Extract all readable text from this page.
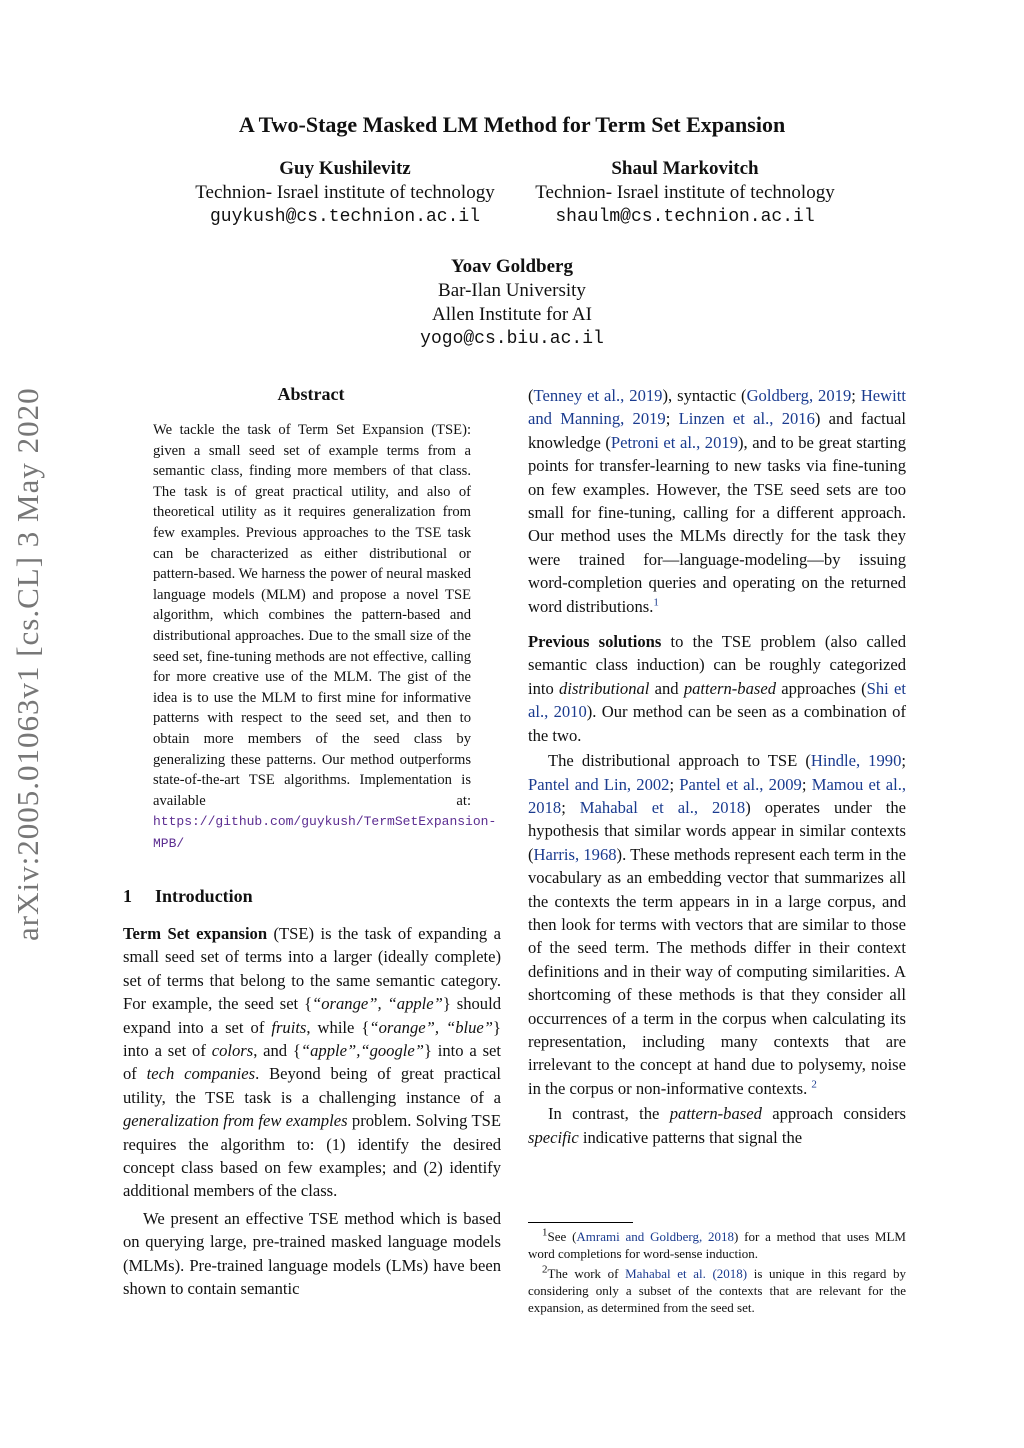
A Two-Stage Masked LM Method for Term Set Expansion
Guy Kushilevitz
Technion- Israel institute of technology
guykush@cs.technion.ac.il
Shaul Markovitch
Technion- Israel institute of technology
shaulm@cs.technion.ac.il
Yoav Goldberg
Bar-Ilan University
Allen Institute for AI
yogo@cs.biu.ac.il
arXiv:2005.01063v1 [cs.CL] 3 May 2020	Abstract
We tackle the task of Term Set Expansion (TSE): given a small seed set of example terms from a semantic class, finding more members of that class. The task is of great practical utility, and also of theoretical utility as it requires generalization from few examples. Previous approaches to the TSE task can be characterized as either distributional or pattern-based. We harness the power of neural masked language models (MLM) and propose a novel TSE algorithm, which combines the pattern-based and distributional approaches. Due to the small size of the seed set, fine-tuning methods are not effective, calling for more creative use of the MLM. The gist of the idea is to use the MLM to first mine for informative patterns with respect to the seed set, and then to obtain more members of the seed class by generalizing these patterns. Our method outperforms state-of-the-art TSE algorithms. Implementation is available at: https://github.com/guykush/TermSetExpansion-MPB/
1 Introduction

Term Set expansion (TSE) is the task of expanding a small seed set of terms into a larger (ideally complete) set of terms that belong to the same semantic category. For example, the seed set {“orange”, “apple”} should expand into a set of fruits, while {“orange”, “blue”} into a set of colors, and {“apple”,“google”} into a set of tech companies. Beyond being of great practical utility, the TSE task is a challenging instance of a generalization from few examples problem. Solving TSE requires the algorithm to: (1) identify the desired concept class based on few examples; and (2) identify additional members of the class.

We present an effective TSE method which is based on querying large, pre-trained masked language models (MLMs). Pre-trained language models (LMs) have been shown to contain semantic

(Tenney et al., 2019), syntactic (Goldberg, 2019; Hewitt and Manning, 2019; Linzen et al., 2016) and factual knowledge (Petroni et al., 2019), and to be great starting points for transfer-learning to new tasks via fine-tuning on few examples. However, the TSE seed sets are too small for fine-tuning, calling for a different approach. Our method uses the MLMs directly for the task they were trained for—language-modeling—by issuing word-completion queries and operating on the returned word distributions.$^1$

Previous solutions to the TSE problem (also called semantic class induction) can be roughly categorized into distributional and pattern-based approaches (Shi et al., 2010). Our method can be seen as a combination of the two.

The distributional approach to TSE (Hindle, 1990; Pantel and Lin, 2002; Pantel et al., 2009; Mamou et al., 2018; Mahabal et al., 2018) operates under the hypothesis that similar words appear in similar contexts (Harris, 1968). These methods represent each term in the vocabulary as an embedding vector that summarizes all the contexts the term appears in in a large corpus, and then look for terms with vectors that are similar to those of the seed term. The methods differ in their context definitions and in their way of computing similarities. A shortcoming of these methods is that they consider all occurrences of a term in the corpus when calculating its representation, including many contexts that are irrelevant to the concept at hand due to polysemy, noise in the corpus or non-informative contexts. $^2$

In contrast, the pattern-based approach considers specific indicative patterns that signal the

$^1$See (Amrami and Goldberg, 2018) for a method that uses MLM word completions for word-sense induction.
$^2$The work of Mahabal et al. (2018) is unique in this regard by considering only a subset of the contexts that are relevant for the expansion, as determined from the seed set.
